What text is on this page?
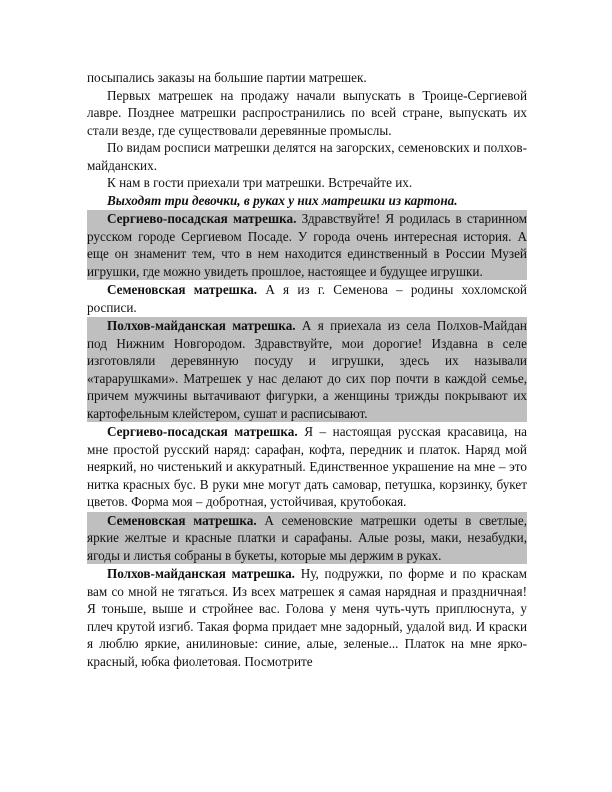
посыпались заказы на большие партии матрешек.

Первых матрешек на продажу начали выпускать в Троице-Сергиевой лавре. Позднее матрешки распространились по всей стране, выпускать их стали везде, где существовали деревянные промыслы.

По видам росписи матрешки делятся на загорских, семеновских и полхов-майданских.

К нам в гости приехали три матрешки. Встречайте их.

Выходят три девочки, в руках у них матрешки из картона.

Сергиево-посадская матрешка. Здравствуйте! Я родилась в старинном русском городе Сергиевом Посаде. У города очень интересная история. А еще он знаменит тем, что в нем находится единственный в России Музей игрушки, где можно увидеть прошлое, настоящее и будущее игрушки.

Семеновская матрешка. А я из г. Семенова – родины хохломской росписи.

Полхов-майданская матрешка. А я приехала из села Полхов-Майдан под Нижним Новгородом. Здравствуйте, мои дорогие! Издавна в селе изготовляли деревянную посуду и игрушки, здесь их называли «тарарушками». Матрешек у нас делают до сих пор почти в каждой семье, причем мужчины вытачивают фигурки, а женщины трижды покрывают их картофельным клейстером, сушат и расписывают.

Сергиево-посадская матрешка. Я – настоящая русская красавица, на мне простой русский наряд: сарафан, кофта, передник и платок. Наряд мой неяркий, но чистенький и аккуратный. Единственное украшение на мне – это нитка красных бус. В руки мне могут дать самовар, петушка, корзинку, букет цветов. Форма моя – добротная, устойчивая, крутобокая.

Семеновская матрешка. А семеновские матрешки одеты в светлые, яркие желтые и красные платки и сарафаны. Алые розы, маки, незабудки, ягоды и листья собраны в букеты, которые мы держим в руках.

Полхов-майданская матрешка. Ну, подружки, по форме и по краскам вам со мной не тягаться. Из всех матрешек я самая нарядная и праздничная! Я тоньше, выше и стройнее вас. Голова у меня чуть-чуть приплюснута, у плеч крутой изгиб. Такая форма придает мне задорный, удалой вид. И краски я люблю яркие, анилиновые: синие, алые, зеленые... Платок на мне ярко-красный, юбка фиолетовая. Посмотрите
